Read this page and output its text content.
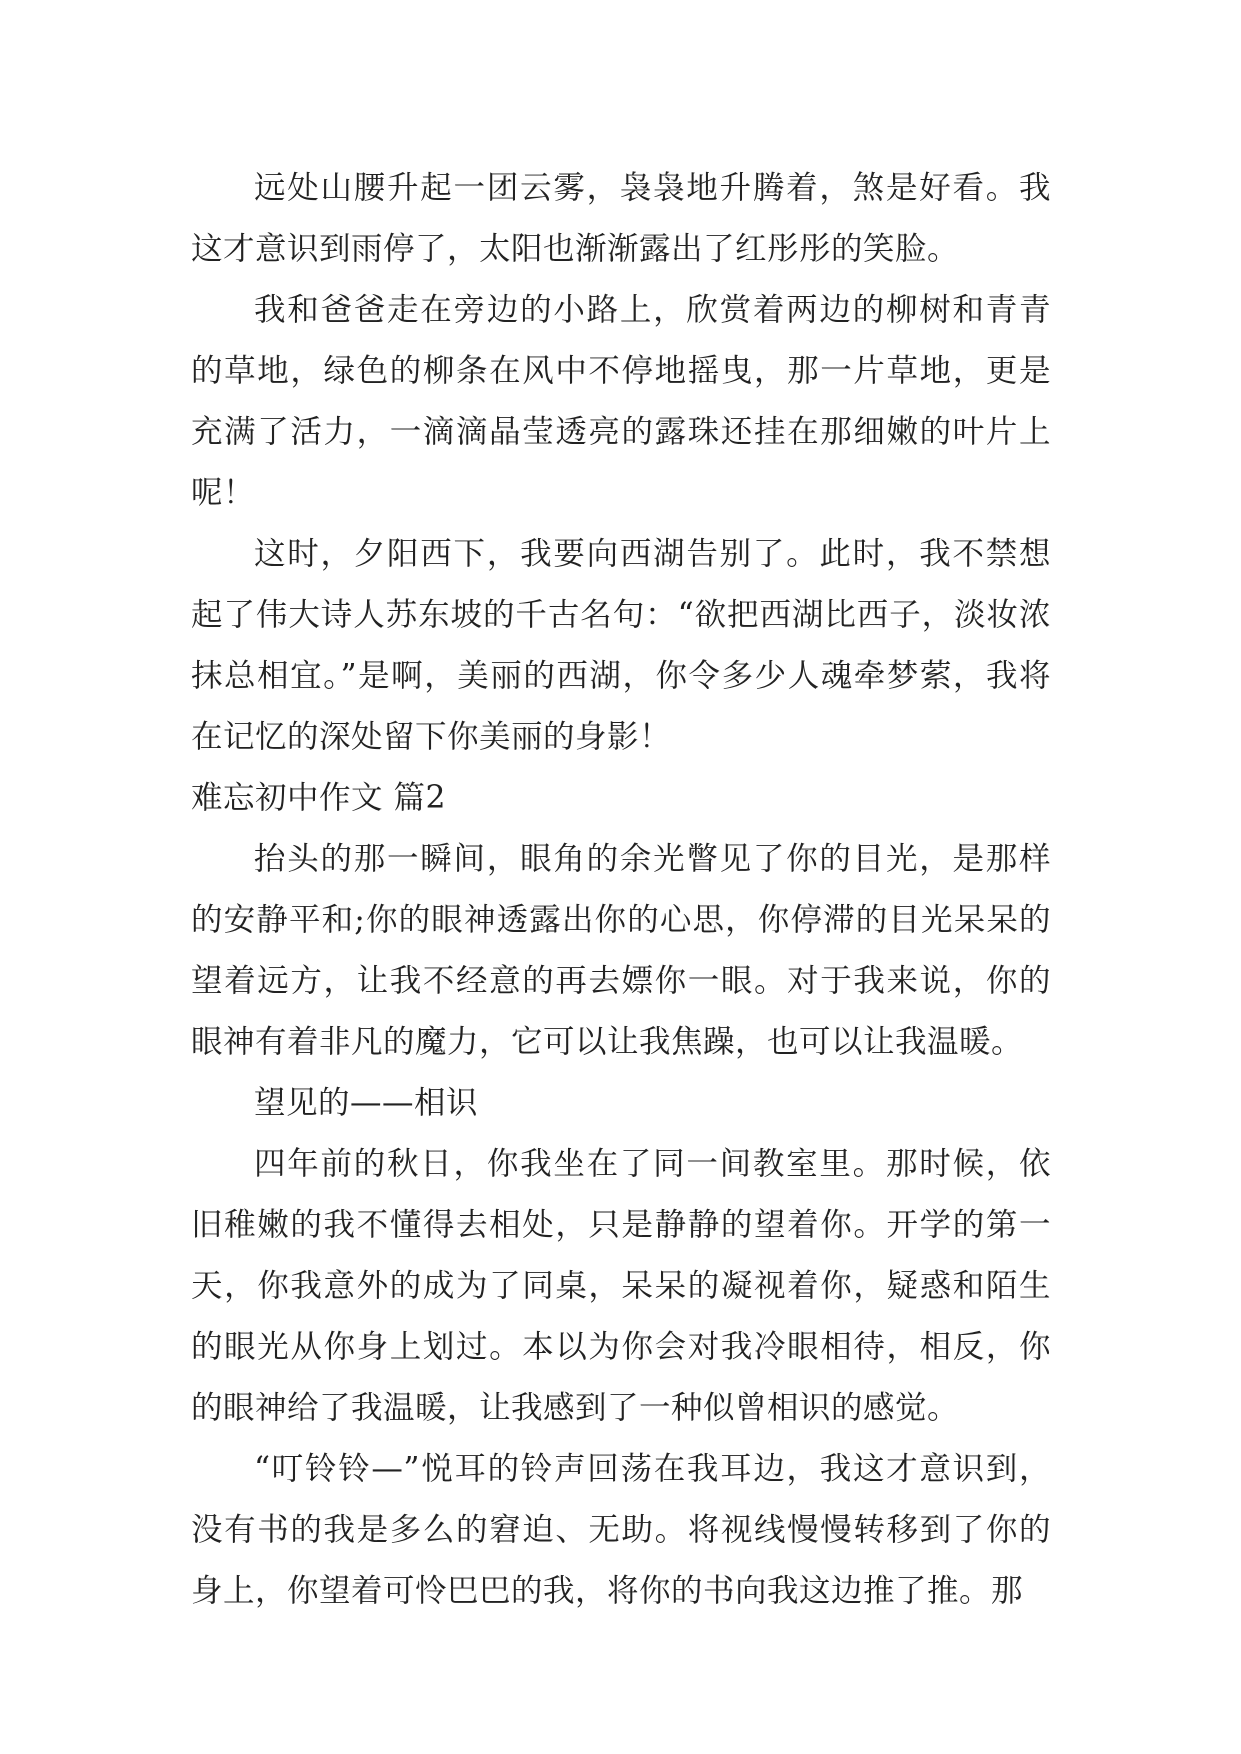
远处山腰升起一团云雾，袅袅地升腾着，煞是好看。我这才意识到雨停了，太阳也渐渐露出了红彤彤的笑脸。

我和爸爸走在旁边的小路上，欣赏着两边的柳树和青青的草地，绿色的柳条在风中不停地摇曳，那一片草地，更是充满了活力，一滴滴晶莹透亮的露珠还挂在那细嫩的叶片上呢！

这时，夕阳西下，我要向西湖告别了。此时，我不禁想起了伟大诗人苏东坡的千古名句：“欲把西湖比西子，淡妆浓抹总相宜。”是啊，美丽的西湖，你令多少人魂牵梦萦，我将在记忆的深处留下你美丽的身影！

难忘初中作文 篇2

抬头的那一瞬间，眼角的余光瞥见了你的目光，是那样的安静平和;你的眼神透露出你的心思，你停滞的目光呆呆的望着远方，让我不经意的再去嫖你一眼。对于我来说，你的眼神有着非凡的魔力，它可以让我焦躁，也可以让我温暖。

望见的——相识

四年前的秋日，你我坐在了同一间教室里。那时候，依旧稚嫩的我不懂得去相处，只是静静的望着你。开学的第一天，你我意外的成为了同桌，呆呆的凝视着你，疑惑和陌生的眼光从你身上划过。本以为你会对我冷眼相待，相反，你的眼神给了我温暖，让我感到了一种似曾相识的感觉。

“叮铃铃—”悦耳的铃声回荡在我耳边，我这才意识到，没有书的我是多么的窘迫、无助。将视线慢慢转移到了你的身上，你望着可怜巴巴的我，将你的书向我这边推了推。那
